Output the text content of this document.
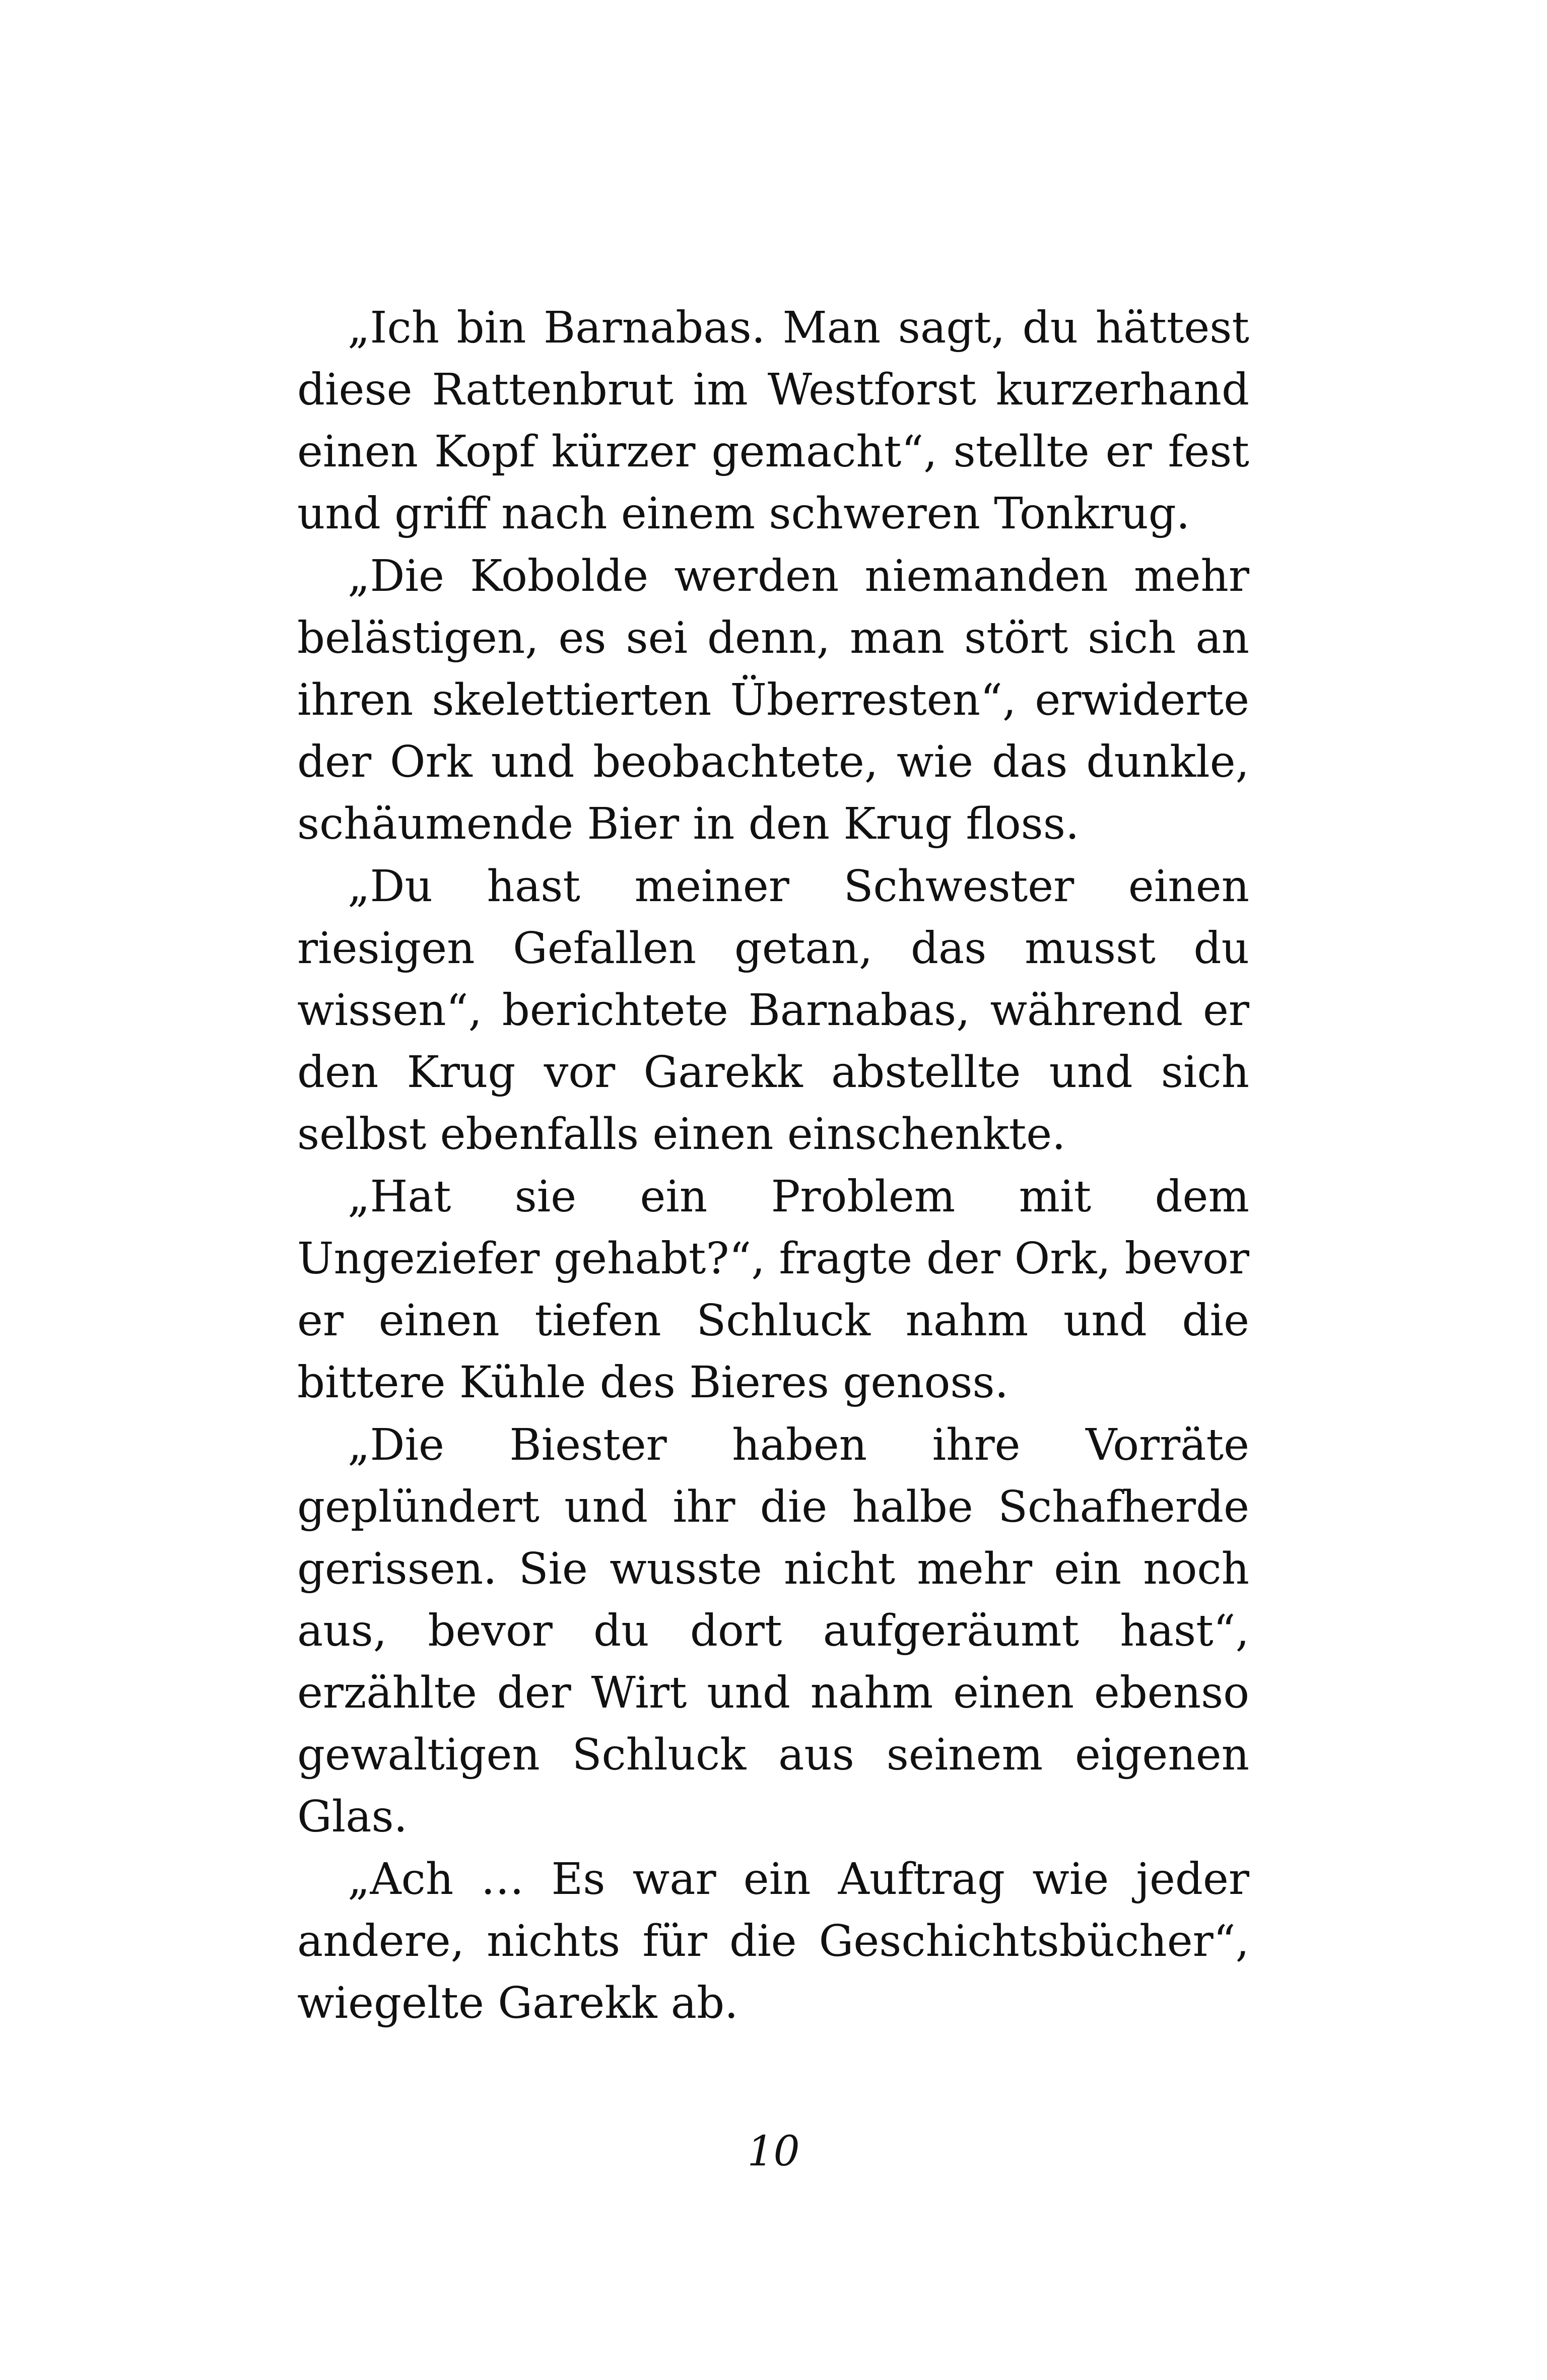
„Ich bin Barnabas. Man sagt, du hättest diese Rattenbrut im Westforst kurzerhand einen Kopf kürzer gemacht“, stellte er fest und griff nach einem schweren Tonkrug.

„Die Kobolde werden niemanden mehr belästigen, es sei denn, man stört sich an ihren skelettierten Überresten“, erwiderte der Ork und beobachtete, wie das dunkle, schäumende Bier in den Krug floss.

„Du hast meiner Schwester einen riesigen Gefallen getan, das musst du wissen“, berichtete Barnabas, während er den Krug vor Garekk abstellte und sich selbst ebenfalls einen einschenkte.

„Hat sie ein Problem mit dem Ungeziefer gehabt?“, fragte der Ork, bevor er einen tiefen Schluck nahm und die bittere Kühle des Bieres genoss.

„Die Biester haben ihre Vorräte geplündert und ihr die halbe Schafherde gerissen. Sie wusste nicht mehr ein noch aus, bevor du dort aufgeräumt hast“, erzählte der Wirt und nahm einen ebenso gewaltigen Schluck aus seinem eigenen Glas.

„Ach … Es war ein Auftrag wie jeder andere, nichts für die Geschichtsbücher“, wiegelte Garekk ab.

10
